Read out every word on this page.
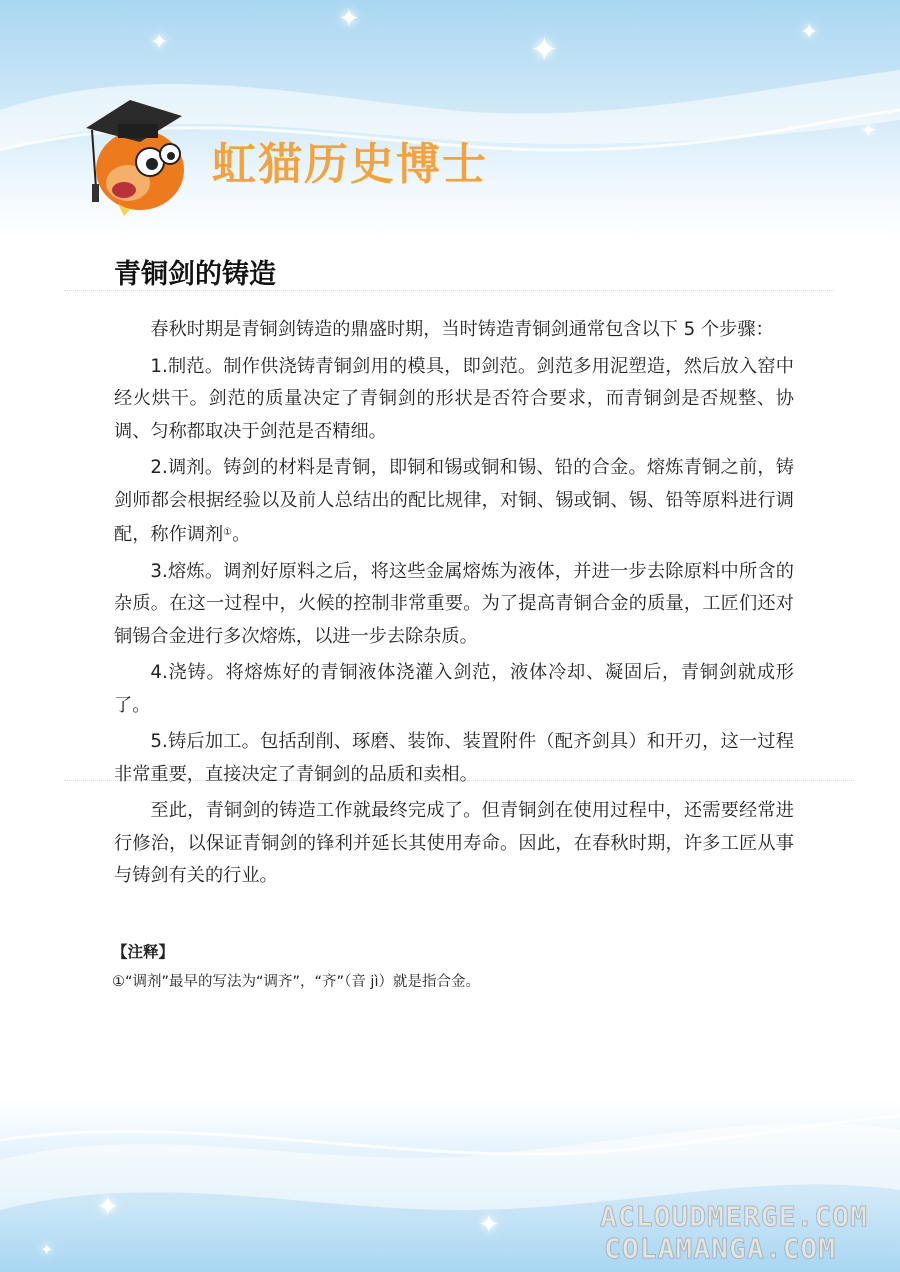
✦
✦
✦	✦
✦
虹猫历史博士
青铜剑的铸造

春秋时期是青铜剑铸造的鼎盛时期，当时铸造青铜剑通常包含以下 5 个步骤：

1.制范。制作供浇铸青铜剑用的模具，即剑范。剑范多用泥塑造，然后放入窑中经火烘干。剑范的质量决定了青铜剑的形状是否符合要求，而青铜剑是否规整、协调、匀称都取决于剑范是否精细。

2.调剂。铸剑的材料是青铜，即铜和锡或铜和锡、铅的合金。熔炼青铜之前，铸剑师都会根据经验以及前人总结出的配比规律，对铜、锡或铜、锡、铅等原料进行调配，称作调剂①。

3.熔炼。调剂好原料之后，将这些金属熔炼为液体，并进一步去除原料中所含的杂质。在这一过程中，火候的控制非常重要。为了提高青铜合金的质量，工匠们还对铜锡合金进行多次熔炼，以进一步去除杂质。

4.浇铸。将熔炼好的青铜液体浇灌入剑范，液体冷却、凝固后，青铜剑就成形了。

5.铸后加工。包括刮削、琢磨、装饰、装置附件（配齐剑具）和开刃，这一过程非常重要，直接决定了青铜剑的品质和卖相。

至此，青铜剑的铸造工作就最终完成了。但青铜剑在使用过程中，还需要经常进行修治，以保证青铜剑的锋利并延长其使用寿命。因此，在春秋时期，许多工匠从事与铸剑有关的行业。

【注释】
①“调剂”最早的写法为“调齐”，“齐”（音 jì）就是指合金。
✦
✦
✦
ACLOUDMERGE.COM
COLAMANGA.COM
